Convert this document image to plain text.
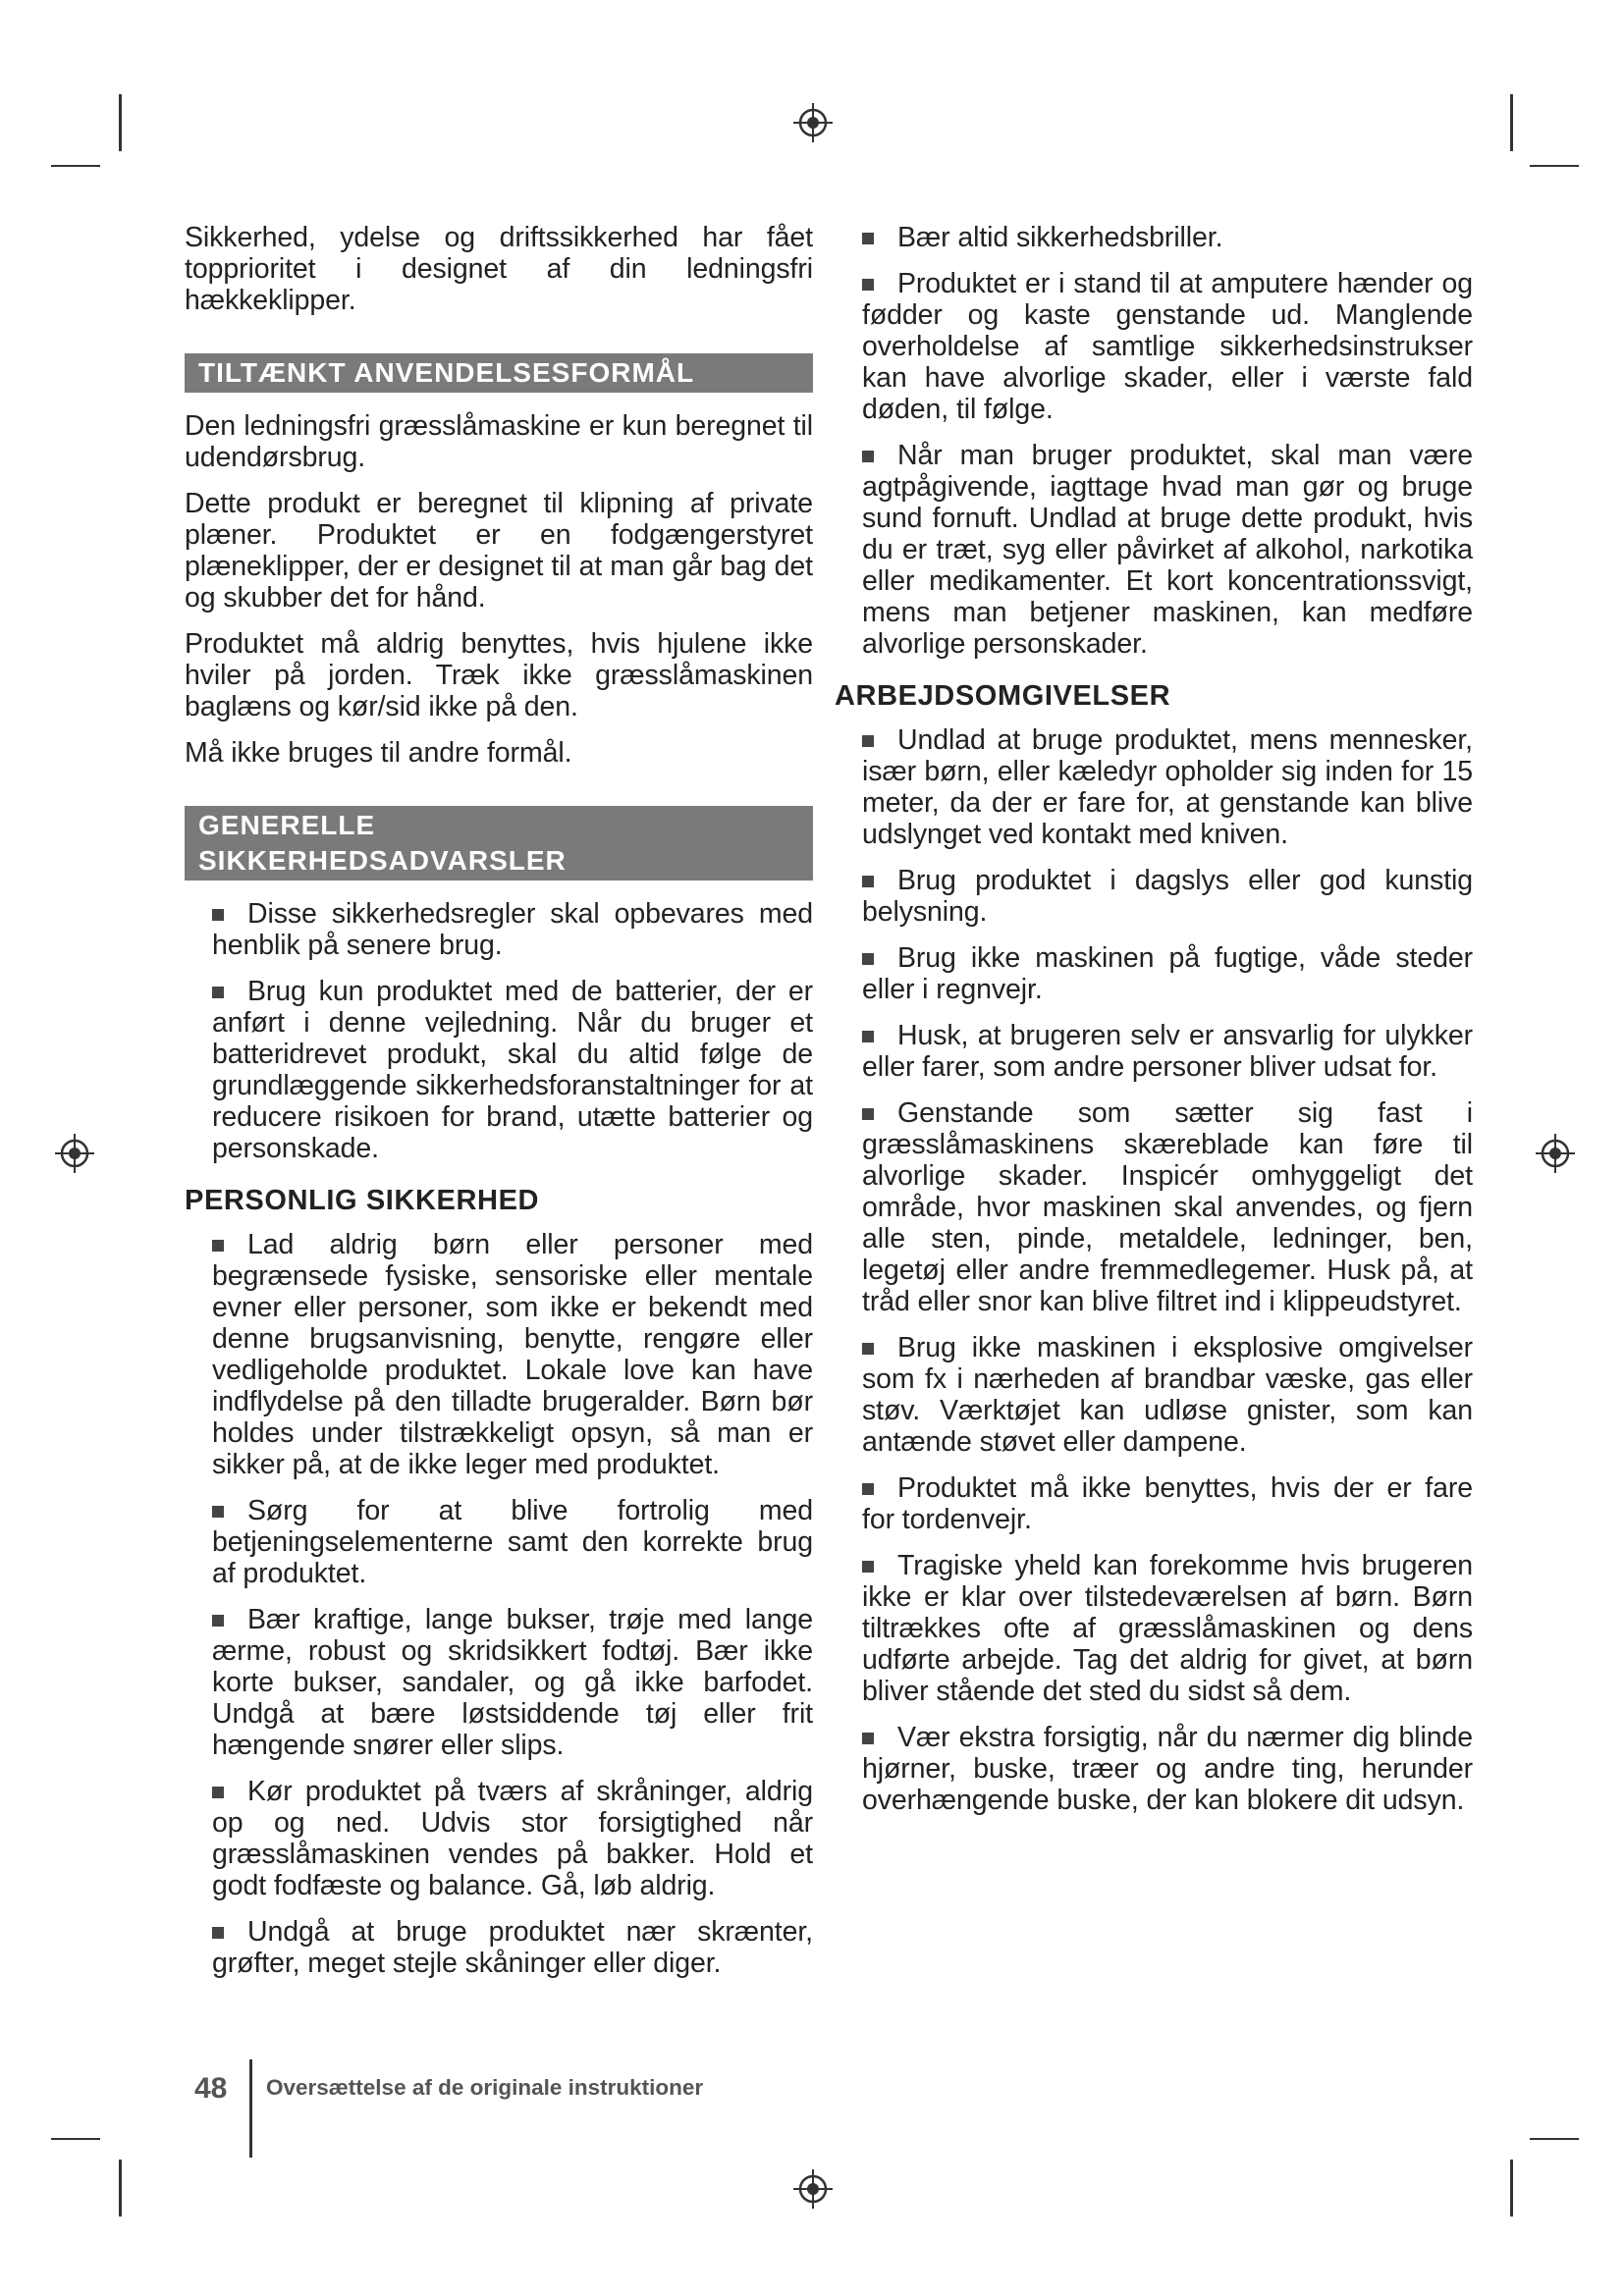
Sikkerhed, ydelse og driftssikkerhed har fået topprioritet i designet af din ledningsfri hækkeklipper.

TILTÆNKT ANVENDELSESFORMÅL

Den ledningsfri græsslåmaskine er kun beregnet til udendørsbrug.

Dette produkt er beregnet til klipning af private plæner. Produktet er en fodgængerstyret plæneklipper, der er designet til at man går bag det og skubber det for hånd.

Produktet må aldrig benyttes, hvis hjulene ikke hviler på jorden. Træk ikke græsslåmaskinen baglæns og kør/sid ikke på den.

Må ikke bruges til andre formål.

GENERELLE
SIKKERHEDSADVARSLER
Disse sikkerhedsregler skal opbevares med henblik på senere brug.
Brug kun produktet med de batterier, der er anført i denne vejledning. Når du bruger et batteridrevet produkt, skal du altid følge de grundlæggende sikkerhedsforanstaltninger for at reducere risikoen for brand, utætte batterier og personskade.
PERSONLIG SIKKERHED
Lad aldrig børn eller personer med begrænsede fysiske, sensoriske eller mentale evner eller personer, som ikke er bekendt med denne brugsanvisning, benytte, rengøre eller vedligeholde produktet. Lokale love kan have indflydelse på den tilladte brugeralder. Børn bør holdes under tilstrækkeligt opsyn, så man er sikker på, at de ikke leger med produktet.
Sørg for at blive fortrolig med betjeningselementerne samt den korrekte brug af produktet.
Bær kraftige, lange bukser, trøje med lange ærme, robust og skridsikkert fodtøj. Bær ikke korte bukser, sandaler, og gå ikke barfodet. Undgå at bære løstsiddende tøj eller frit hængende snører eller slips.
Kør produktet på tværs af skråninger, aldrig op og ned. Udvis stor forsigtighed når græsslåmaskinen vendes på bakker. Hold et godt fodfæste og balance. Gå, løb aldrig.
Undgå at bruge produktet nær skrænter, grøfter, meget stejle skåninger eller diger.
Bær altid sikkerhedsbriller.
Produktet er i stand til at amputere hænder og fødder og kaste genstande ud. Manglende overholdelse af samtlige sikkerhedsinstrukser kan have alvorlige skader, eller i værste fald døden, til følge.
Når man bruger produktet, skal man være agtpågivende, iagttage hvad man gør og bruge sund fornuft. Undlad at bruge dette produkt, hvis du er træt, syg eller påvirket af alkohol, narkotika eller medikamenter. Et kort koncentrationssvigt, mens man betjener maskinen, kan medføre alvorlige personskader.
ARBEJDSOMGIVELSER
Undlad at bruge produktet, mens mennesker, især børn, eller kæledyr opholder sig inden for 15 meter, da der er fare for, at genstande kan blive udslynget ved kontakt med kniven.
Brug produktet i dagslys eller god kunstig belysning.
Brug ikke maskinen på fugtige, våde steder eller i regnvejr.
Husk, at brugeren selv er ansvarlig for ulykker eller farer, som andre personer bliver udsat for.
Genstande som sætter sig fast i græsslåmaskinens skæreblade kan føre til alvorlige skader. Inspicér omhyggeligt det område, hvor maskinen skal anvendes, og fjern alle sten, pinde, metaldele, ledninger, ben, legetøj eller andre fremmedlegemer. Husk på, at tråd eller snor kan blive filtret ind i klippeudstyret.
Brug ikke maskinen i eksplosive omgivelser som fx i nærheden af brandbar væske, gas eller støv. Værktøjet kan udløse gnister, som kan antænde støvet eller dampene.
Produktet må ikke benyttes, hvis der er fare for tordenvejr.
Tragiske yheld kan forekomme hvis brugeren ikke er klar over tilstedeværelsen af børn. Børn tiltrækkes ofte af græsslåmaskinen og dens udførte arbejde. Tag det aldrig for givet, at børn bliver stående det sted du sidst så dem.
Vær ekstra forsigtig, når du nærmer dig blinde hjørner, buske, træer og andre ting, herunder overhængende buske, der kan blokere dit udsyn.
48	Oversættelse af de originale instruktioner
